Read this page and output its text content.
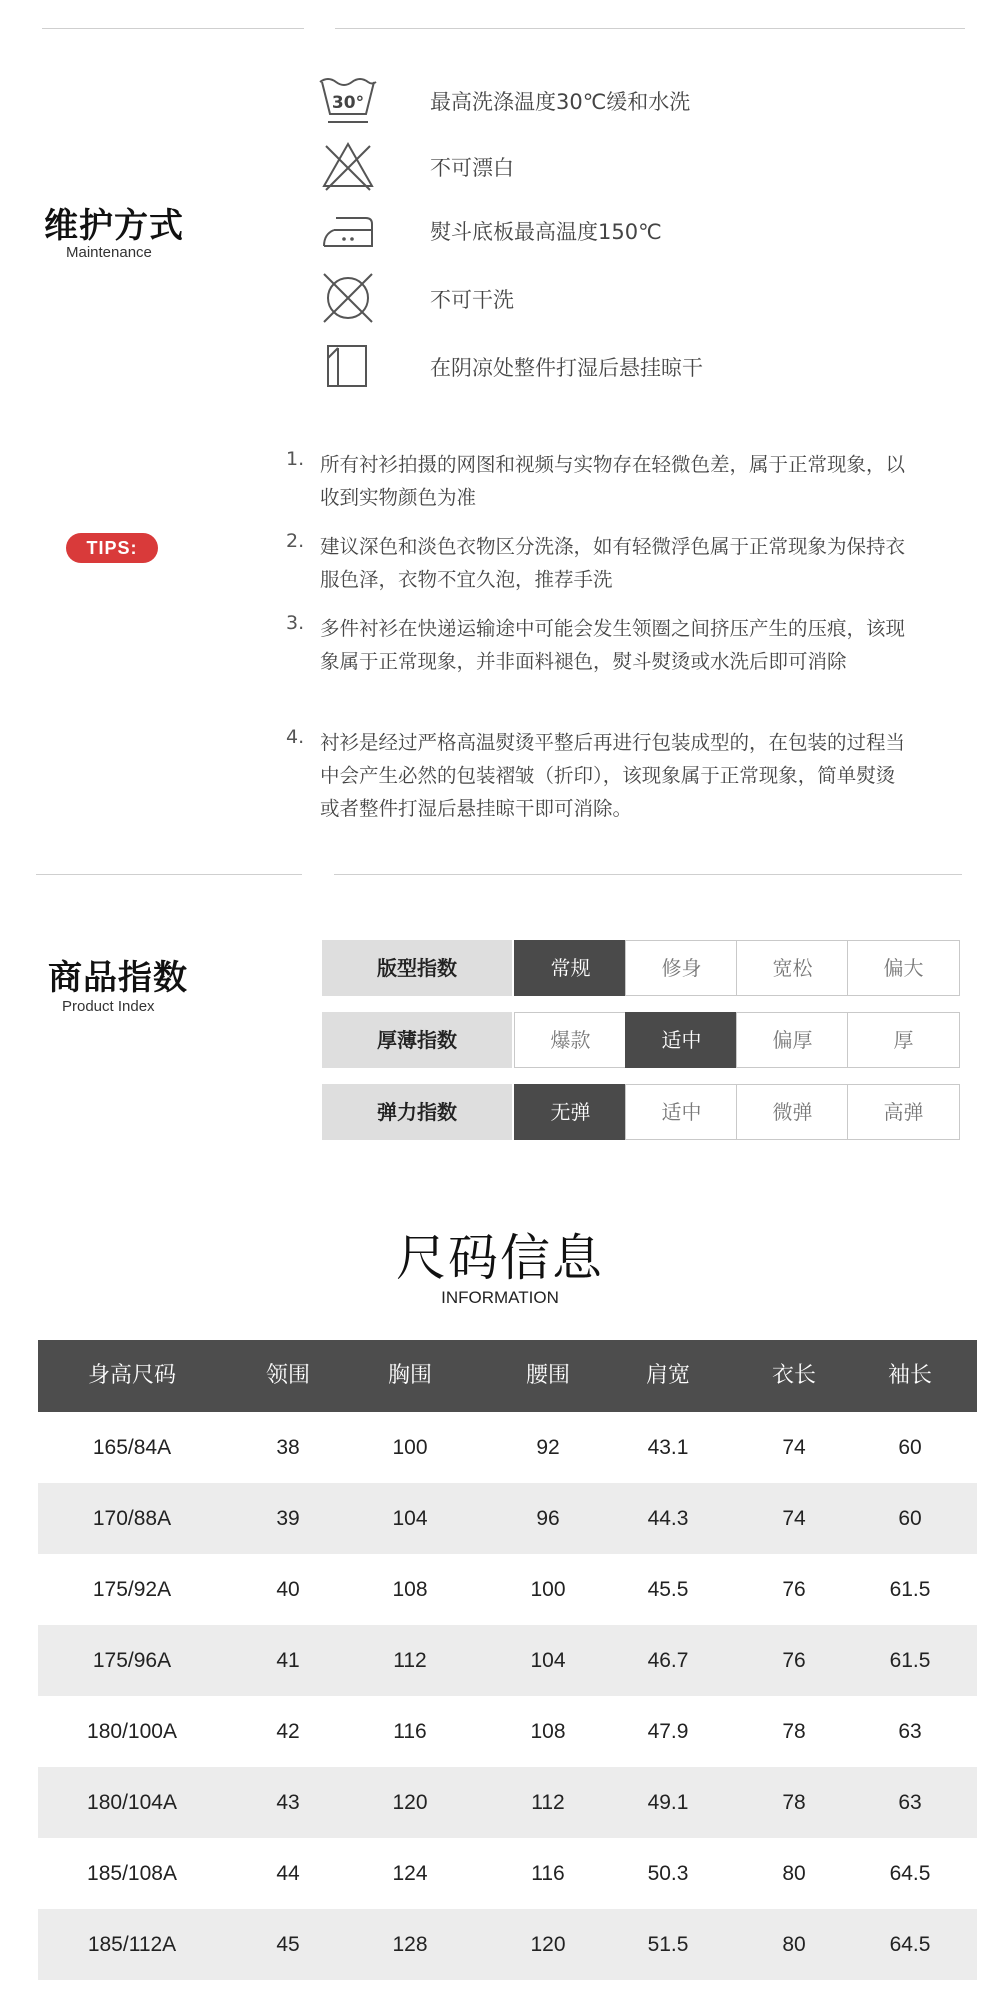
维护方式
Maintenance
30°	最高洗涤温度30℃缓和水洗
不可漂白
熨斗底板最高温度150℃
不可干洗
在阴凉处整件打湿后悬挂晾干
TIPS:
1. 所有衬衫拍摄的网图和视频与实物存在轻微色差，属于正常现象，以收到实物颜色为准
2. 建议深色和淡色衣物区分洗涤，如有轻微浮色属于正常现象为保持衣服色泽，衣物不宜久泡，推荐手洗
3. 多件衬衫在快递运输途中可能会发生领圈之间挤压产生的压痕，该现象属于正常现象，并非面料褪色，熨斗熨烫或水洗后即可消除
4. 衬衫是经过严格高温熨烫平整后再进行包装成型的，在包装的过程当中会产生必然的包装褶皱（折印），该现象属于正常现象，简单熨烫或者整件打湿后悬挂晾干即可消除。
商品指数
Product Index
版型指数	常规	修身	宽松	偏大
厚薄指数	爆款	适中	偏厚	厚
弹力指数	无弹	适中	微弹	高弹
尺码信息
INFORMATION
身高尺码	领围	胸围	腰围	肩宽	衣长	袖长
165/84A	38	100	92	43.1	74	60
170/88A	39	104	96	44.3	74	60
175/92A	40	108	100	45.5	76	61.5
175/96A	41	112	104	46.7	76	61.5
180/100A	42	116	108	47.9	78	63
180/104A	43	120	112	49.1	78	63
185/108A	44	124	116	50.3	80	64.5
185/112A	45	128	120	51.5	80	64.5
